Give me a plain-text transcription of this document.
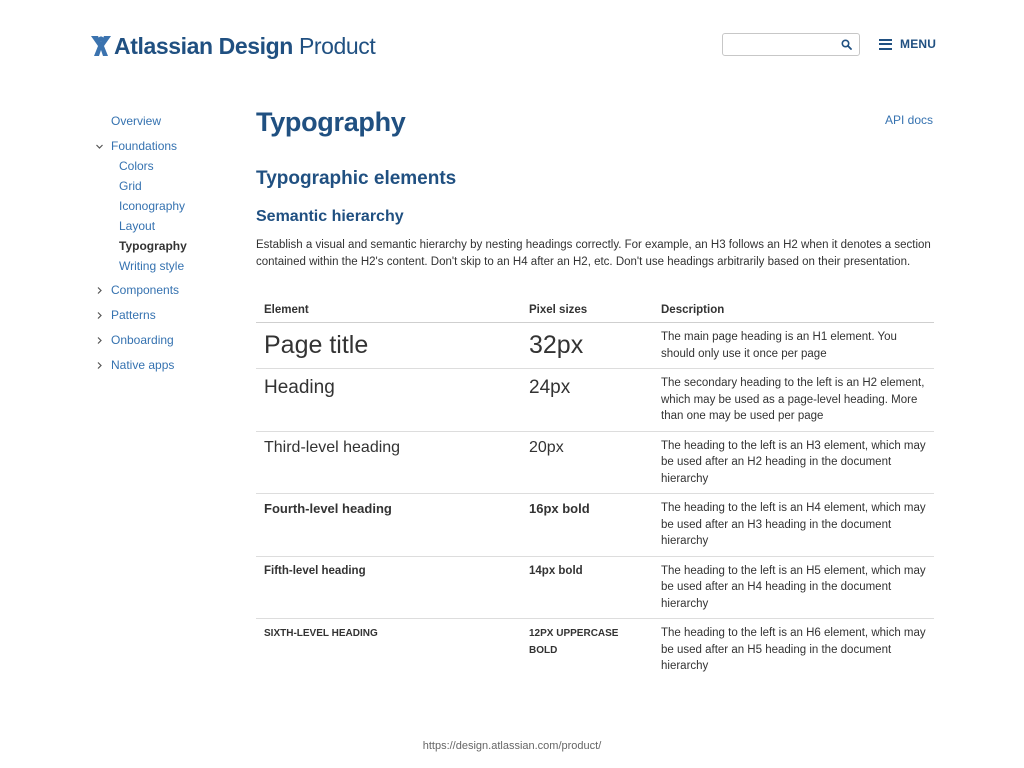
Atlassian Design Product	MENU
Overview
Foundations
Colors
Grid
Iconography
Layout
Typography
Writing style
Components
Patterns
Onboarding
Native apps
API docs
Typography
Typographic elements
Semantic hierarchy

Establish a visual and semantic hierarchy by nesting headings correctly. For example, an H3 follows an H2 when it denotes a section contained within the H2's content. Don't skip to an H4 after an H2, etc. Don't use headings arbitrarily based on their presentation.

Element	Pixel sizes	Description
Page title	32px	The main page heading is an H1 element. You should only use it once per page
Heading	24px	The secondary heading to the left is an H2 element, which may be used as a page-level heading. More than one may be used per page
Third-level heading	20px	The heading to the left is an H3 element, which may be used after an H2 heading in the document hierarchy
Fourth-level heading	16px bold	The heading to the left is an H4 element, which may be used after an H3 heading in the document hierarchy
Fifth-level heading	14px bold	The heading to the left is an H5 element, which may be used after an H4 heading in the document hierarchy
SIXTH-LEVEL HEADING	12PX UPPERCASE BOLD	The heading to the left is an H6 element, which may be used after an H5 heading in the document hierarchy
https://design.atlassian.com/product/
